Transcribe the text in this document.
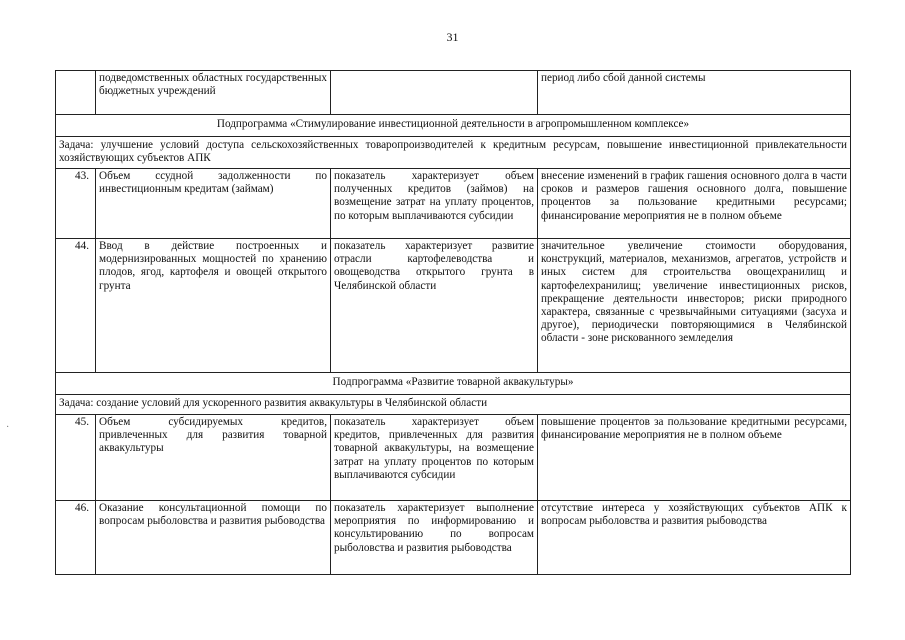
31
·
	подведомственных областных государственных бюджетных учреждений		период либо сбой данной системы
Подпрограмма «Стимулирование инвестиционной деятельности в агропромышленном комплексе»			
Задача: улучшение условий доступа сельскохозяйственных товаропроизводителей к кредитным ресурсам, повышение инвестиционной привлекательности хозяйствующих субъектов АПК			
43.	Объем ссудной задолженности по инвестиционным кредитам (займам)	показатель характеризует объем полученных кредитов (займов) на возмещение затрат на уплату процентов, по которым выплачиваются субсидии	внесение изменений в график гашения основного долга в части сроков и размеров гашения основного долга, повышение процентов за пользование кредитными ресурсами; финансирование мероприятия не в полном объеме
44.	Ввод в действие построенных и модернизированных мощностей по хранению плодов, ягод, картофеля и овощей открытого грунта	показатель характеризует развитие отрасли картофелеводства и овощеводства открытого грунта в Челябинской области	значительное увеличение стоимости оборудования, конструкций, материалов, механизмов, агрегатов, устройств и иных систем для строительства овощехранилищ и картофелехранилищ; увеличение инвестиционных рисков, прекращение деятельности инвесторов; риски природного характера, связанные с чрезвычайными ситуациями (засуха и другое), периодически повторяющимися в Челябинской области - зоне рискованного земледелия
Подпрограмма «Развитие товарной аквакультуры»			
Задача: создание условий для ускоренного развития аквакультуры в Челябинской области			
45.	Объем субсидируемых кредитов, привлеченных для развития товарной аквакультуры	показатель характеризует объем кредитов, привлеченных для развития товарной аквакультуры, на возмещение затрат на уплату процентов по которым выплачиваются субсидии	повышение процентов за пользование кредитными ресурсами, финансирование мероприятия не в полном объеме
46.	Оказание консультационной помощи по вопросам рыболовства и развития рыбоводства	показатель характеризует выполнение мероприятия по информированию и консультированию по вопросам рыболовства и развития рыбоводства	отсутствие интереса у хозяйствующих субъектов АПК к вопросам рыболовства и развития рыбоводства
